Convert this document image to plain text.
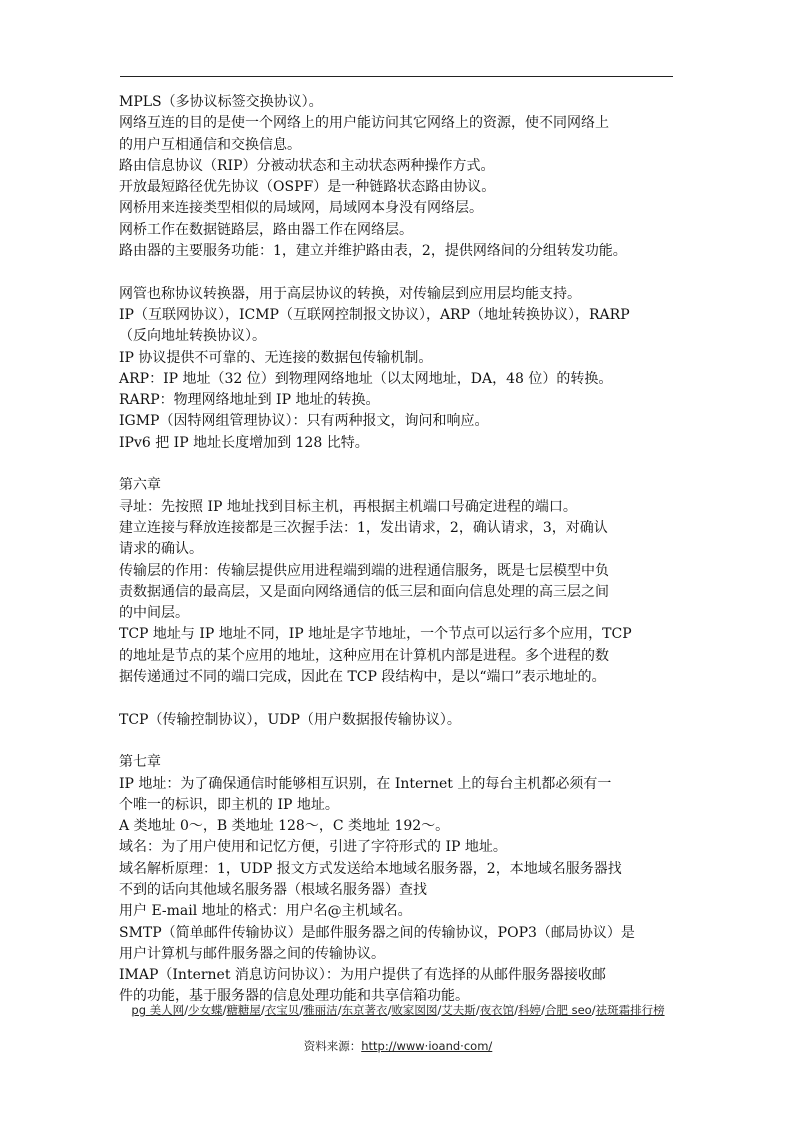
MPLS（多协议标签交换协议）。
网络互连的目的是使一个网络上的用户能访问其它网络上的资源，使不同网络上
的用户互相通信和交换信息。
路由信息协议（RIP）分被动状态和主动状态两种操作方式。
开放最短路径优先协议（OSPF）是一种链路状态路由协议。
网桥用来连接类型相似的局域网，局域网本身没有网络层。
网桥工作在数据链路层，路由器工作在网络层。
路由器的主要服务功能：1，建立并维护路由表，2，提供网络间的分组转发功能。
网管也称协议转换器，用于高层协议的转换，对传输层到应用层均能支持。
IP（互联网协议），ICMP（互联网控制报文协议），ARP（地址转换协议），RARP
（反向地址转换协议）。
IP 协议提供不可靠的、无连接的数据包传输机制。
ARP：IP 地址（32 位）到物理网络地址（以太网地址，DA，48 位）的转换。
RARP：物理网络地址到 IP 地址的转换。
IGMP（因特网组管理协议）：只有两种报文，询问和响应。
IPv6 把 IP 地址长度增加到 128 比特。
第六章
寻址：先按照 IP 地址找到目标主机，再根据主机端口号确定进程的端口。
建立连接与释放连接都是三次握手法：1，发出请求，2，确认请求，3，对确认
请求的确认。
传输层的作用：传输层提供应用进程端到端的进程通信服务，既是七层模型中负
责数据通信的最高层，又是面向网络通信的低三层和面向信息处理的高三层之间
的中间层。
TCP 地址与 IP 地址不同，IP 地址是字节地址，一个节点可以运行多个应用，TCP
的地址是节点的某个应用的地址，这种应用在计算机内部是进程。多个进程的数
据传递通过不同的端口完成，因此在 TCP 段结构中，是以“端口”表示地址的。
TCP（传输控制协议），UDP（用户数据报传输协议）。
第七章
IP 地址：为了确保通信时能够相互识别，在 Internet 上的每台主机都必须有一
个唯一的标识，即主机的 IP 地址。
A 类地址 0～，B 类地址 128～，C 类地址 192～。
域名：为了用户使用和记忆方便，引进了字符形式的 IP 地址。
域名解析原理：1，UDP 报文方式发送给本地域名服务器，2，本地域名服务器找
不到的话向其他域名服务器（根域名服务器）查找
用户 E-mail 地址的格式：用户名@主机域名。
SMTP（简单邮件传输协议）是邮件服务器之间的传输协议，POP3（邮局协议）是
用户计算机与邮件服务器之间的传输协议。
IMAP（Internet 消息访问协议）：为用户提供了有选择的从邮件服务器接收邮
件的功能，基于服务器的信息处理功能和共享信箱功能。
pg 美人网/少女蝶/糖糖屋/衣宝贝/雅丽洁/东京著衣/败家囡囡/艾夫斯/夜衣馆/科婷/合肥 seo/祛斑霜排行榜
资料来源：http://www·ioand·com/
